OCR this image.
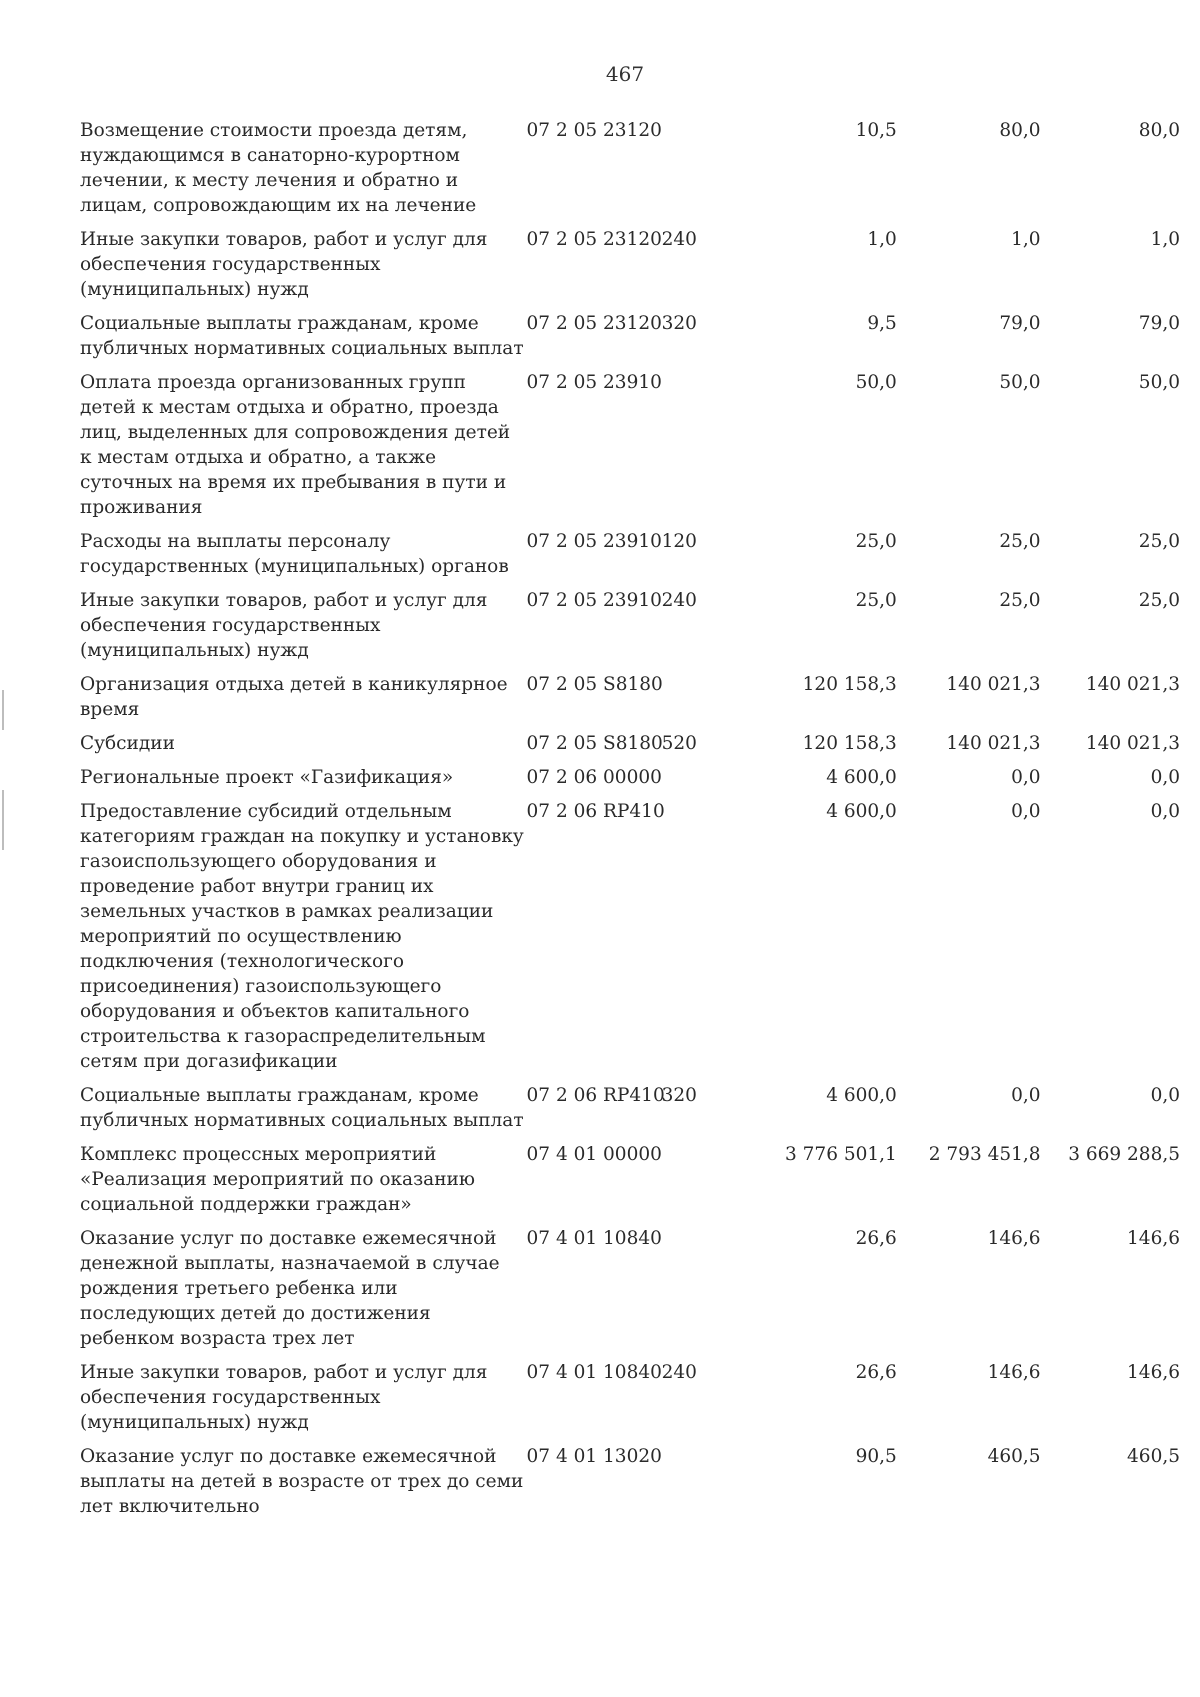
467
Возмещение стоимости проезда детям, нуждающимся в санаторно-курортном лечении, к месту лечения и обратно и лицам, сопровождающим их на лечение	07 2 05 23120		10,5	80,0	80,0
Иные закупки товаров, работ и услуг для обеспечения государственных (муниципальных) нужд	07 2 05 23120	240	1,0	1,0	1,0
Социальные выплаты гражданам, кроме публичных нормативных социальных выплат	07 2 05 23120	320	9,5	79,0	79,0
Оплата проезда организованных групп детей к местам отдыха и обратно, проезда лиц, выделенных для сопровождения детей к местам отдыха и обратно, а также суточных на время их пребывания в пути и проживания	07 2 05 23910		50,0	50,0	50,0
Расходы на выплаты персоналу государственных (муниципальных) органов	07 2 05 23910	120	25,0	25,0	25,0
Иные закупки товаров, работ и услуг для обеспечения государственных (муниципальных) нужд	07 2 05 23910	240	25,0	25,0	25,0
Организация отдыха детей в каникулярное время	07 2 05 S8180		120 158,3	140 021,3	140 021,3
Субсидии	07 2 05 S8180	520	120 158,3	140 021,3	140 021,3
Региональные проект «Газификация»	07 2 06 00000		4 600,0	0,0	0,0
Предоставление субсидий отдельным категориям граждан на покупку и установку газоиспользующего оборудования и проведение работ внутри границ их земельных участков в рамках реализации мероприятий по осуществлению подключения (технологического присоединения) газоиспользующего оборудования и объектов капитального строительства к газораспределительным сетям при догазификации	07 2 06 RP410		4 600,0	0,0	0,0
Социальные выплаты гражданам, кроме публичных нормативных социальных выплат	07 2 06 RP410	320	4 600,0	0,0	0,0
Комплекс процессных мероприятий «Реализация мероприятий по оказанию социальной поддержки граждан»	07 4 01 00000		3 776 501,1	2 793 451,8	3 669 288,5
Оказание услуг по доставке ежемесячной денежной выплаты, назначаемой в случае рождения третьего ребенка или последующих детей до достижения ребенком возраста трех лет	07 4 01 10840		26,6	146,6	146,6
Иные закупки товаров, работ и услуг для обеспечения государственных (муниципальных) нужд	07 4 01 10840	240	26,6	146,6	146,6
Оказание услуг по доставке ежемесячной выплаты на детей в возрасте от трех до семи лет включительно	07 4 01 13020		90,5	460,5	460,5
